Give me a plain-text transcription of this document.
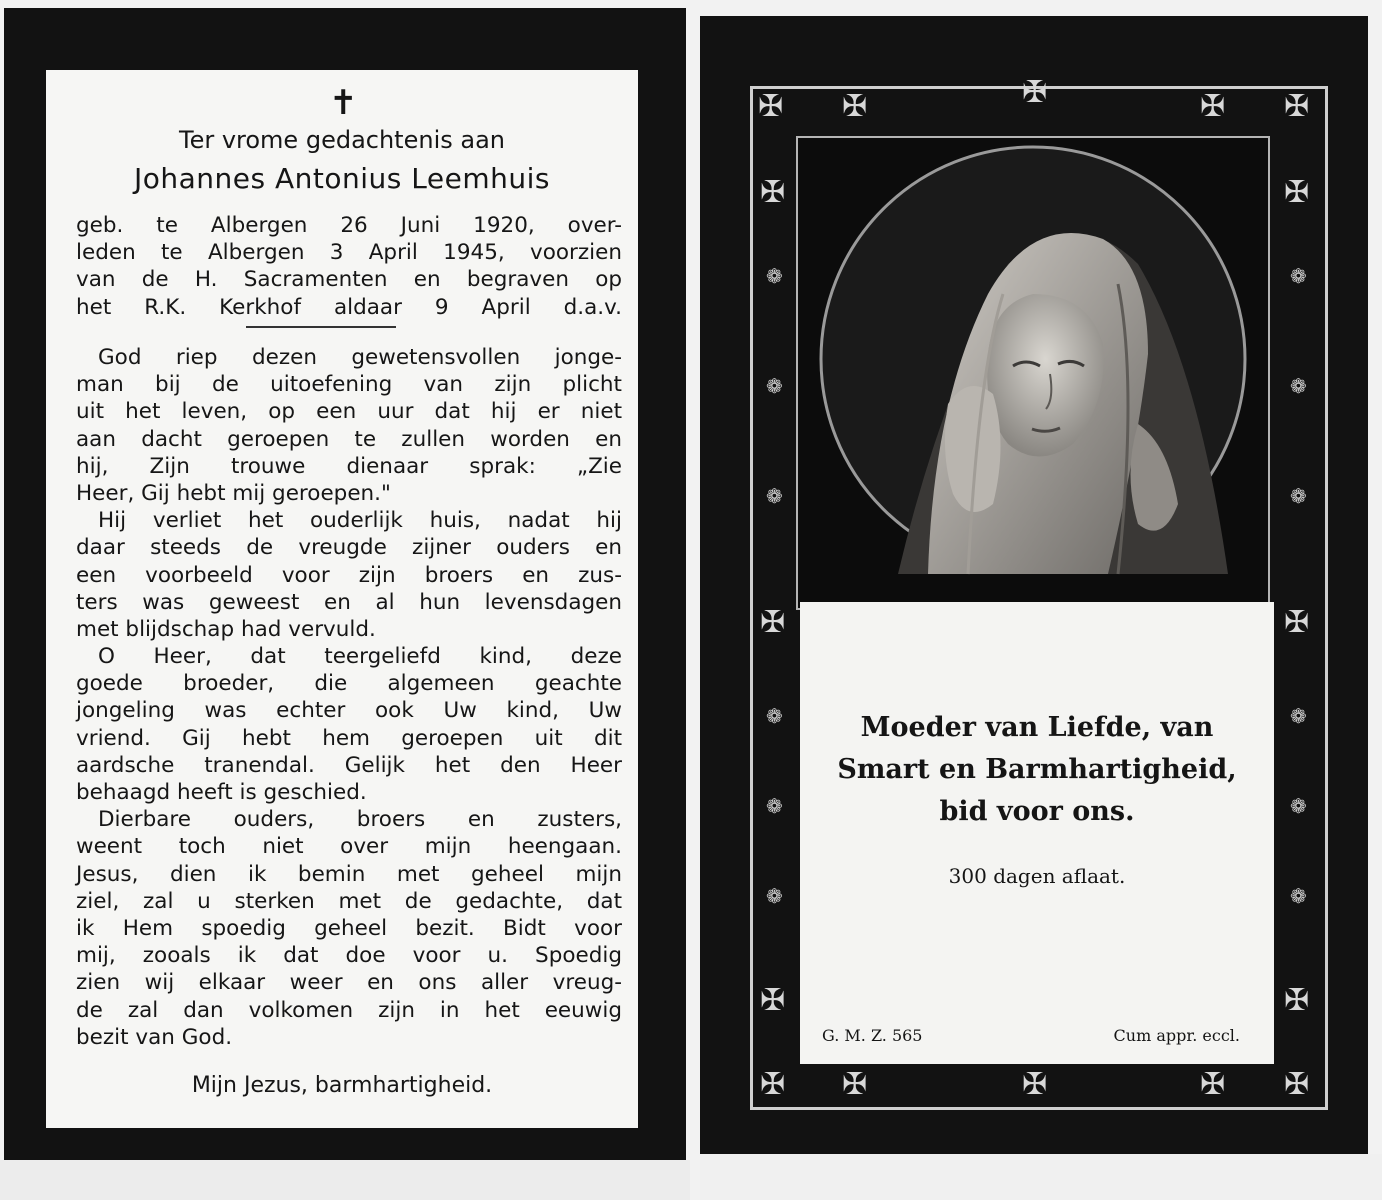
✝
Ter vrome gedachtenis aan
Johannes Antonius Leemhuis
geb. te Albergen 26 Juni 1920, over-
leden te Albergen 3 April 1945, voorzien
van de H. Sacramenten en begraven op
het R.K. Kerkhof aldaar 9 April d.a.v.
God riep dezen gewetensvollen jonge-
man bij de uitoefening van zijn plicht
uit het leven, op een uur dat hij er niet
aan dacht geroepen te zullen worden en
hij, Zijn trouwe dienaar sprak: „Zie
Heer, Gij hebt mij geroepen."
Hij verliet het ouderlijk huis, nadat hij
daar steeds de vreugde zijner ouders en
een voorbeeld voor zijn broers en zus-
ters was geweest en al hun levensdagen
met blijdschap had vervuld.
O Heer, dat teergeliefd kind, deze
goede broeder, die algemeen geachte
jongeling was echter ook Uw kind, Uw
vriend. Gij hebt hem geroepen uit dit
aardsche tranendal. Gelijk het den Heer
behaagd heeft is geschied.
Dierbare ouders, broers en zusters,
weent toch niet over mijn heengaan.
Jesus, dien ik bemin met geheel mijn
ziel, zal u sterken met de gedachte, dat
ik Hem spoedig geheel bezit. Bidt voor
mij, zooals ik dat doe voor u. Spoedig
zien wij elkaar weer en ons aller vreug-
de zal dan volkomen zijn in het eeuwig
bezit van God.
Mijn Jezus, barmhartigheid.
✠ ✠	✠	✠ ✠
✠	✠
✠	✠
✠	✠
✠ ✠	✠	✠ ✠
❁
❁
❁
❁
❁
❁
❁
❁
❁
❁
❁
❁
Moeder van Liefde, van
Smart en Barmhartigheid,
bid voor ons.
300 dagen aflaat.
G. M. Z. 565	Cum appr. eccl.
